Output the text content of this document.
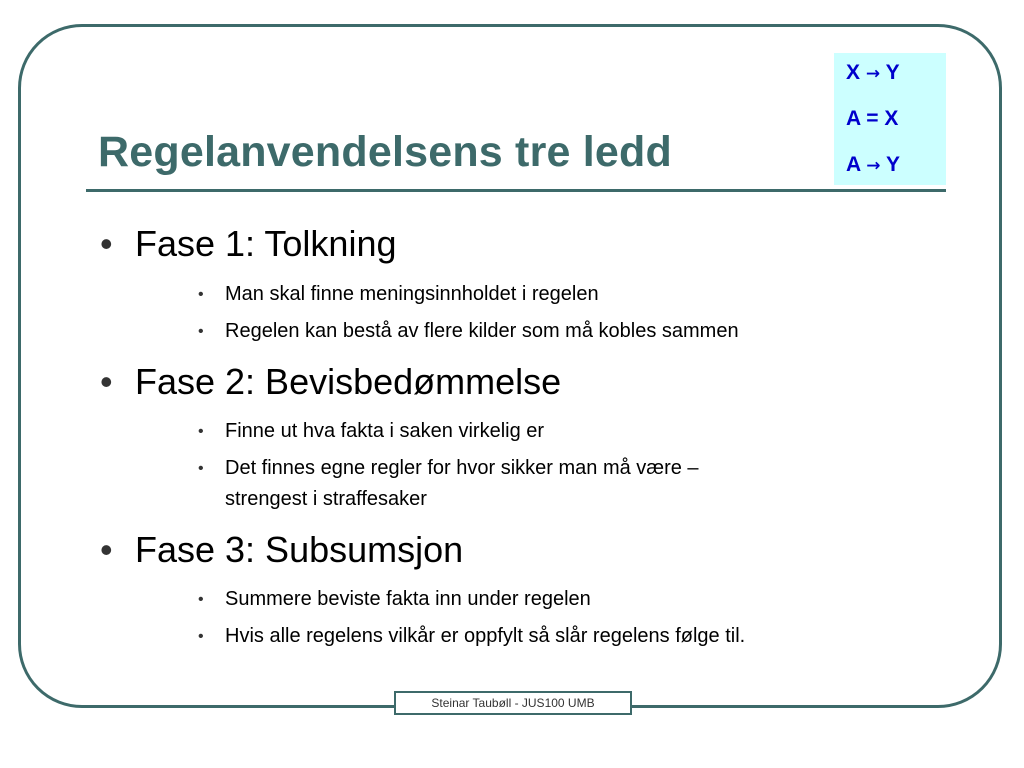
Regelanvendelsens tre ledd
X → Y
A = X
A → Y
• Fase 1: Tolkning
• Man skal finne meningsinnholdet i regelen
• Regelen kan bestå av flere kilder som må kobles sammen
• Fase 2: Bevisbedømmelse
• Finne ut hva fakta i saken virkelig er
• Det finnes egne regler for hvor sikker man må være –
strengest i straffesaker
• Fase 3: Subsumsjon
• Summere beviste fakta inn under regelen
• Hvis alle regelens vilkår er oppfylt så slår regelens følge til.
Steinar Taubøll - JUS100 UMB
